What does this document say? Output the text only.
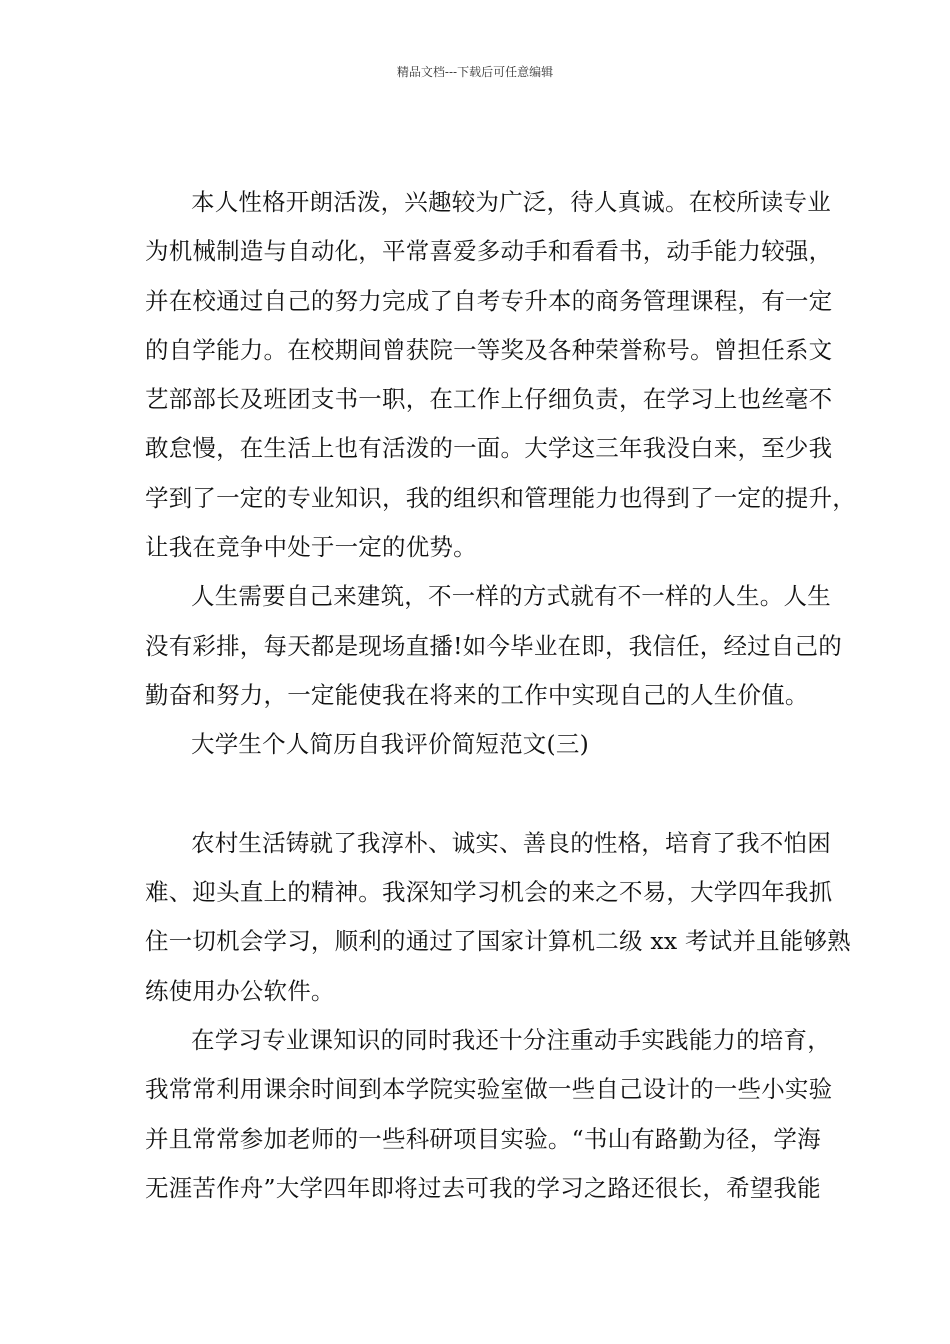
精品文档---下载后可任意编辑
本人性格开朗活泼，兴趣较为广泛，待人真诚。在校所读专业
为机械制造与自动化，平常喜爱多动手和看看书，动手能力较强，
并在校通过自己的努力完成了自考专升本的商务管理课程，有一定
的自学能力。在校期间曾获院一等奖及各种荣誉称号。曾担任系文
艺部部长及班团支书一职，在工作上仔细负责，在学习上也丝毫不
敢怠慢，在生活上也有活泼的一面。大学这三年我没白来，至少我
学到了一定的专业知识，我的组织和管理能力也得到了一定的提升，
让我在竞争中处于一定的优势。
人生需要自己来建筑，不一样的方式就有不一样的人生。人生
没有彩排，每天都是现场直播!如今毕业在即，我信任，经过自己的
勤奋和努力，一定能使我在将来的工作中实现自己的人生价值。
大学生个人简历自我评价简短范文(三)
农村生活铸就了我淳朴、诚实、善良的性格，培育了我不怕困
难、迎头直上的精神。我深知学习机会的来之不易，大学四年我抓
住一切机会学习，顺利的通过了国家计算机二级 xx 考试并且能够熟
练使用办公软件。
在学习专业课知识的同时我还十分注重动手实践能力的培育，
我常常利用课余时间到本学院实验室做一些自己设计的一些小实验
并且常常参加老师的一些科研项目实验。“书山有路勤为径，学海
无涯苦作舟”大学四年即将过去可我的学习之路还很长，希望我能
